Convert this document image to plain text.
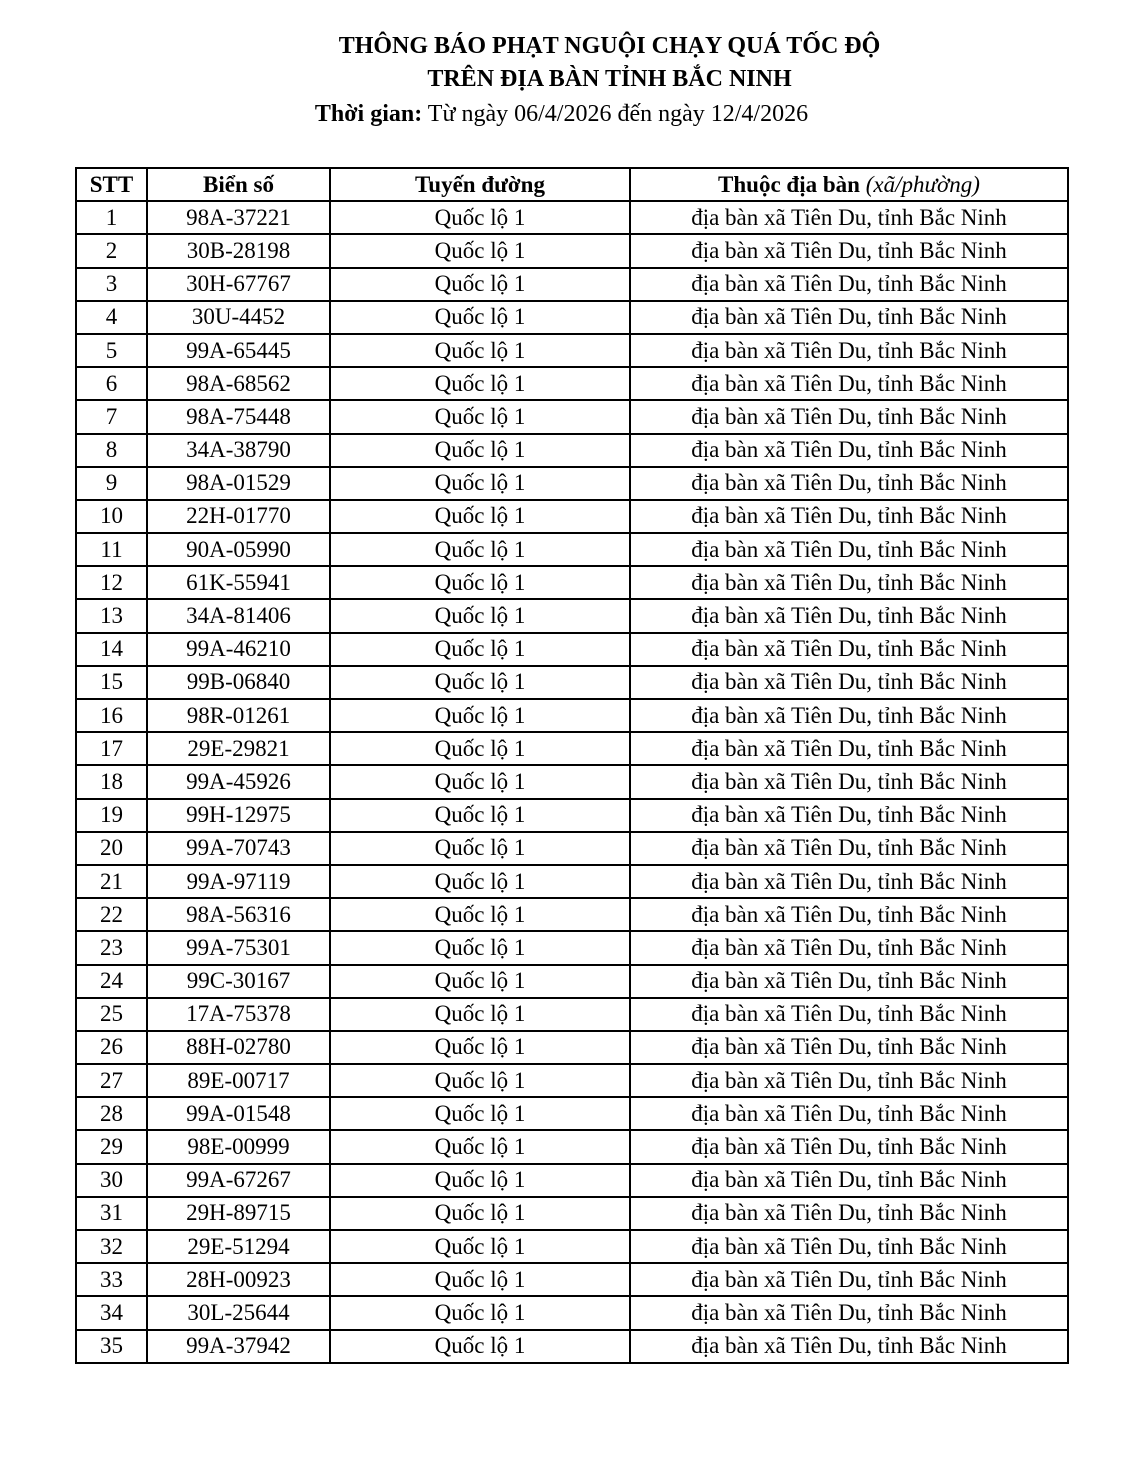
THÔNG BÁO PHẠT NGUỘI CHẠY QUÁ TỐC ĐỘ
TRÊN ĐỊA BÀN TỈNH BẮC NINH
Thời gian: Từ ngày 06/4/2026 đến ngày 12/4/2026
STT	Biển số	Tuyến đường	Thuộc địa bàn (xã/phường)
1	98A-37221	Quốc lộ 1	địa bàn xã Tiên Du, tỉnh Bắc Ninh
2	30B-28198	Quốc lộ 1	địa bàn xã Tiên Du, tỉnh Bắc Ninh
3	30H-67767	Quốc lộ 1	địa bàn xã Tiên Du, tỉnh Bắc Ninh
4	30U-4452	Quốc lộ 1	địa bàn xã Tiên Du, tỉnh Bắc Ninh
5	99A-65445	Quốc lộ 1	địa bàn xã Tiên Du, tỉnh Bắc Ninh
6	98A-68562	Quốc lộ 1	địa bàn xã Tiên Du, tỉnh Bắc Ninh
7	98A-75448	Quốc lộ 1	địa bàn xã Tiên Du, tỉnh Bắc Ninh
8	34A-38790	Quốc lộ 1	địa bàn xã Tiên Du, tỉnh Bắc Ninh
9	98A-01529	Quốc lộ 1	địa bàn xã Tiên Du, tỉnh Bắc Ninh
10	22H-01770	Quốc lộ 1	địa bàn xã Tiên Du, tỉnh Bắc Ninh
11	90A-05990	Quốc lộ 1	địa bàn xã Tiên Du, tỉnh Bắc Ninh
12	61K-55941	Quốc lộ 1	địa bàn xã Tiên Du, tỉnh Bắc Ninh
13	34A-81406	Quốc lộ 1	địa bàn xã Tiên Du, tỉnh Bắc Ninh
14	99A-46210	Quốc lộ 1	địa bàn xã Tiên Du, tỉnh Bắc Ninh
15	99B-06840	Quốc lộ 1	địa bàn xã Tiên Du, tỉnh Bắc Ninh
16	98R-01261	Quốc lộ 1	địa bàn xã Tiên Du, tỉnh Bắc Ninh
17	29E-29821	Quốc lộ 1	địa bàn xã Tiên Du, tỉnh Bắc Ninh
18	99A-45926	Quốc lộ 1	địa bàn xã Tiên Du, tỉnh Bắc Ninh
19	99H-12975	Quốc lộ 1	địa bàn xã Tiên Du, tỉnh Bắc Ninh
20	99A-70743	Quốc lộ 1	địa bàn xã Tiên Du, tỉnh Bắc Ninh
21	99A-97119	Quốc lộ 1	địa bàn xã Tiên Du, tỉnh Bắc Ninh
22	98A-56316	Quốc lộ 1	địa bàn xã Tiên Du, tỉnh Bắc Ninh
23	99A-75301	Quốc lộ 1	địa bàn xã Tiên Du, tỉnh Bắc Ninh
24	99C-30167	Quốc lộ 1	địa bàn xã Tiên Du, tỉnh Bắc Ninh
25	17A-75378	Quốc lộ 1	địa bàn xã Tiên Du, tỉnh Bắc Ninh
26	88H-02780	Quốc lộ 1	địa bàn xã Tiên Du, tỉnh Bắc Ninh
27	89E-00717	Quốc lộ 1	địa bàn xã Tiên Du, tỉnh Bắc Ninh
28	99A-01548	Quốc lộ 1	địa bàn xã Tiên Du, tỉnh Bắc Ninh
29	98E-00999	Quốc lộ 1	địa bàn xã Tiên Du, tỉnh Bắc Ninh
30	99A-67267	Quốc lộ 1	địa bàn xã Tiên Du, tỉnh Bắc Ninh
31	29H-89715	Quốc lộ 1	địa bàn xã Tiên Du, tỉnh Bắc Ninh
32	29E-51294	Quốc lộ 1	địa bàn xã Tiên Du, tỉnh Bắc Ninh
33	28H-00923	Quốc lộ 1	địa bàn xã Tiên Du, tỉnh Bắc Ninh
34	30L-25644	Quốc lộ 1	địa bàn xã Tiên Du, tỉnh Bắc Ninh
35	99A-37942	Quốc lộ 1	địa bàn xã Tiên Du, tỉnh Bắc Ninh
